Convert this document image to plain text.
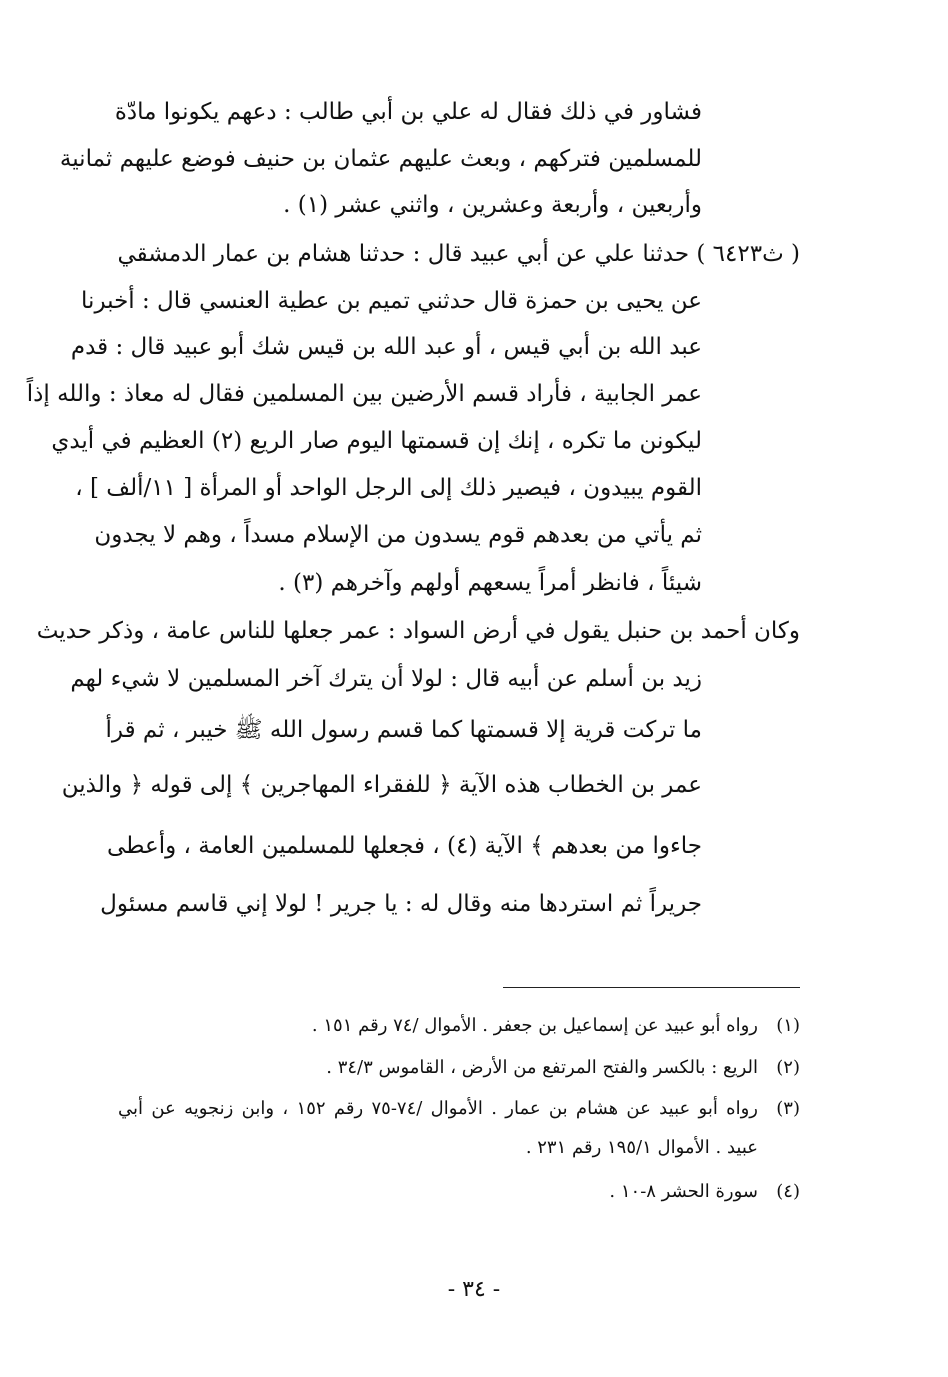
فشاور في ذلك فقال له علي بن أبي طالب : دعهم يكونوا مادّة
للمسلمين فتركهم ، وبعث عليهم عثمان بن حنيف فوضع عليهم ثمانية
وأربعين ، وأربعة وعشرين ، واثني عشر (١) .
( ث٦٤٢٣ ) حدثنا علي عن أبي عبيد قال : حدثنا هشام بن عمار الدمشقي
عن يحيى بن حمزة قال حدثني تميم بن عطية العنسي قال : أخبرنا
عبد الله بن أبي قيس ، أو عبد الله بن قيس شك أبو عبيد قال : قدم
عمر الجابية ، فأراد قسم الأرضين بين المسلمين فقال له معاذ : والله إذاً
ليكونن ما تكره ، إنك إن قسمتها اليوم صار الريع (٢) العظيم في أيدي
القوم يبيدون ، فيصير ذلك إلى الرجل الواحد أو المرأة [ ١١/ألف ] ،
ثم يأتي من بعدهم قوم يسدون من الإسلام مسداً ، وهم لا يجدون
شيئاً ، فانظر أمراً يسعهم أولهم وآخرهم (٣) .
وكان أحمد بن حنبل يقول في أرض السواد : عمر جعلها للناس عامة ، وذكر حديث
زيد بن أسلم عن أبيه قال : لولا أن يترك آخر المسلمين لا شيء لهم
ما تركت قرية إلا قسمتها كما قسم رسول الله ﷺ خيبر ، ثم قرأ
عمر بن الخطاب هذه الآية ﴿ للفقراء المهاجرين ﴾ إلى قوله ﴿ والذين
جاءوا من بعدهم ﴾ الآية (٤) ، فجعلها للمسلمين العامة ، وأعطى
جريراً ثم استردها منه وقال له : يا جرير ! لولا إني قاسم مسئول
(١)رواه أبو عبيد عن إسماعيل بن جعفر . الأموال /٧٤ رقم ١٥١ .
(٢)الريع : بالكسر والفتح المرتفع من الأرض ، القاموس ٣٤/٣ .
(٣)رواه أبو عبيد عن هشام بن عمار . الأموال /٧٤-٧٥ رقم ١٥٢ ، وابن زنجويه عن أبي
عبيد . الأموال ١٩٥/١ رقم ٢٣١ .
(٤)سورة الحشر ٨-١٠ .
- ٣٤ -
